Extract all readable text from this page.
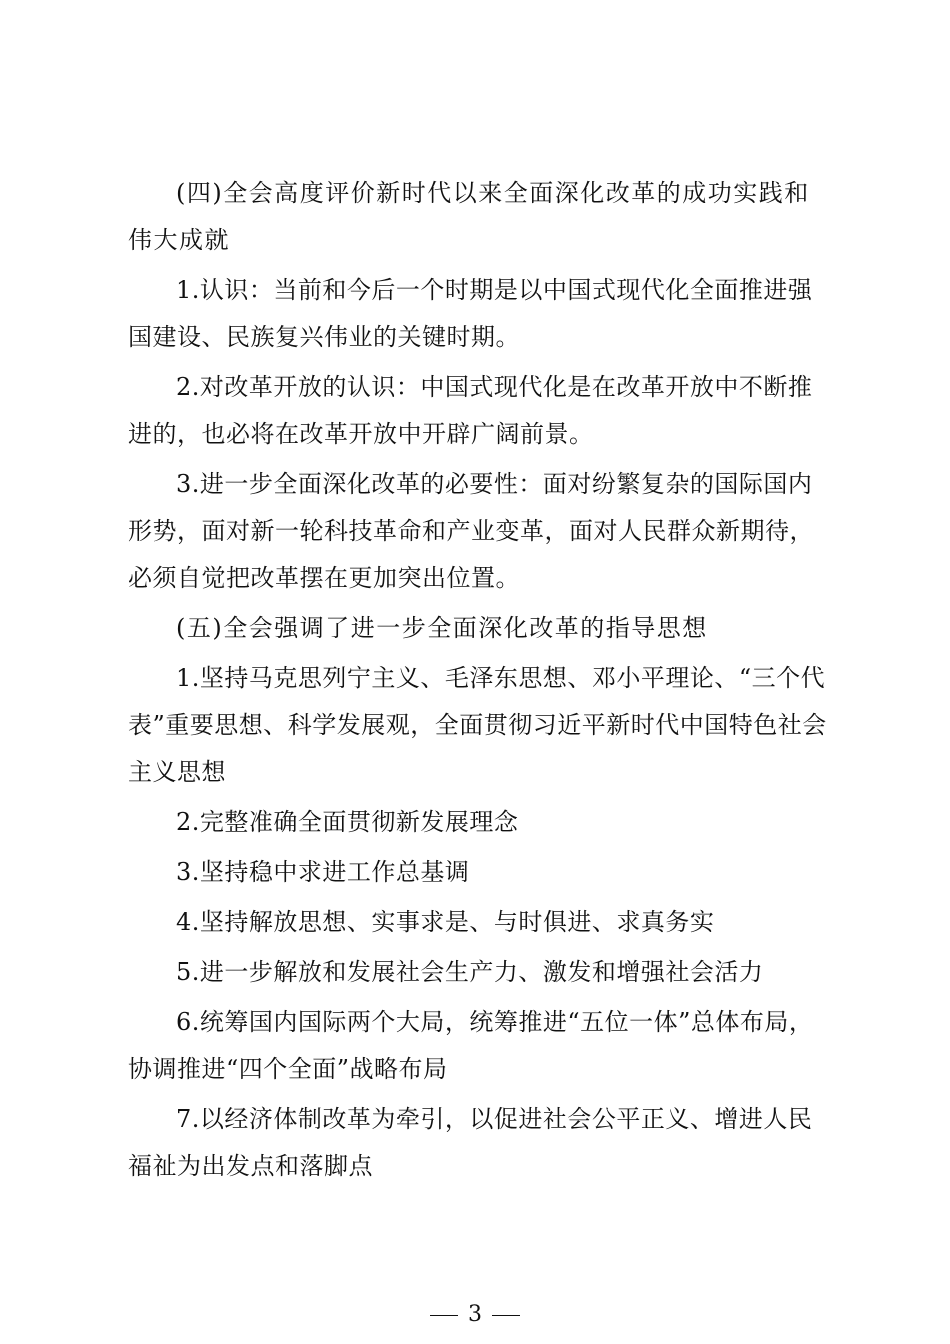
(四)全会高度评价新时代以来全面深化改革的成功实践和伟大成就

1.认识：当前和今后一个时期是以中国式现代化全面推进强国建设、民族复兴伟业的关键时期。

2.对改革开放的认识：中国式现代化是在改革开放中不断推进的，也必将在改革开放中开辟广阔前景。

3.进一步全面深化改革的必要性：面对纷繁复杂的国际国内形势，面对新一轮科技革命和产业变革，面对人民群众新期待，必须自觉把改革摆在更加突出位置。

(五)全会强调了进一步全面深化改革的指导思想

1.坚持马克思列宁主义、毛泽东思想、邓小平理论、“三个代表”重要思想、科学发展观，全面贯彻习近平新时代中国特色社会主义思想

2.完整准确全面贯彻新发展理念

3.坚持稳中求进工作总基调

4.坚持解放思想、实事求是、与时俱进、求真务实

5.进一步解放和发展社会生产力、激发和增强社会活力

6.统筹国内国际两个大局，统筹推进“五位一体”总体布局，协调推进“四个全面”战略布局

7.以经济体制改革为牵引，以促进社会公平正义、增进人民福祉为出发点和落脚点

3
